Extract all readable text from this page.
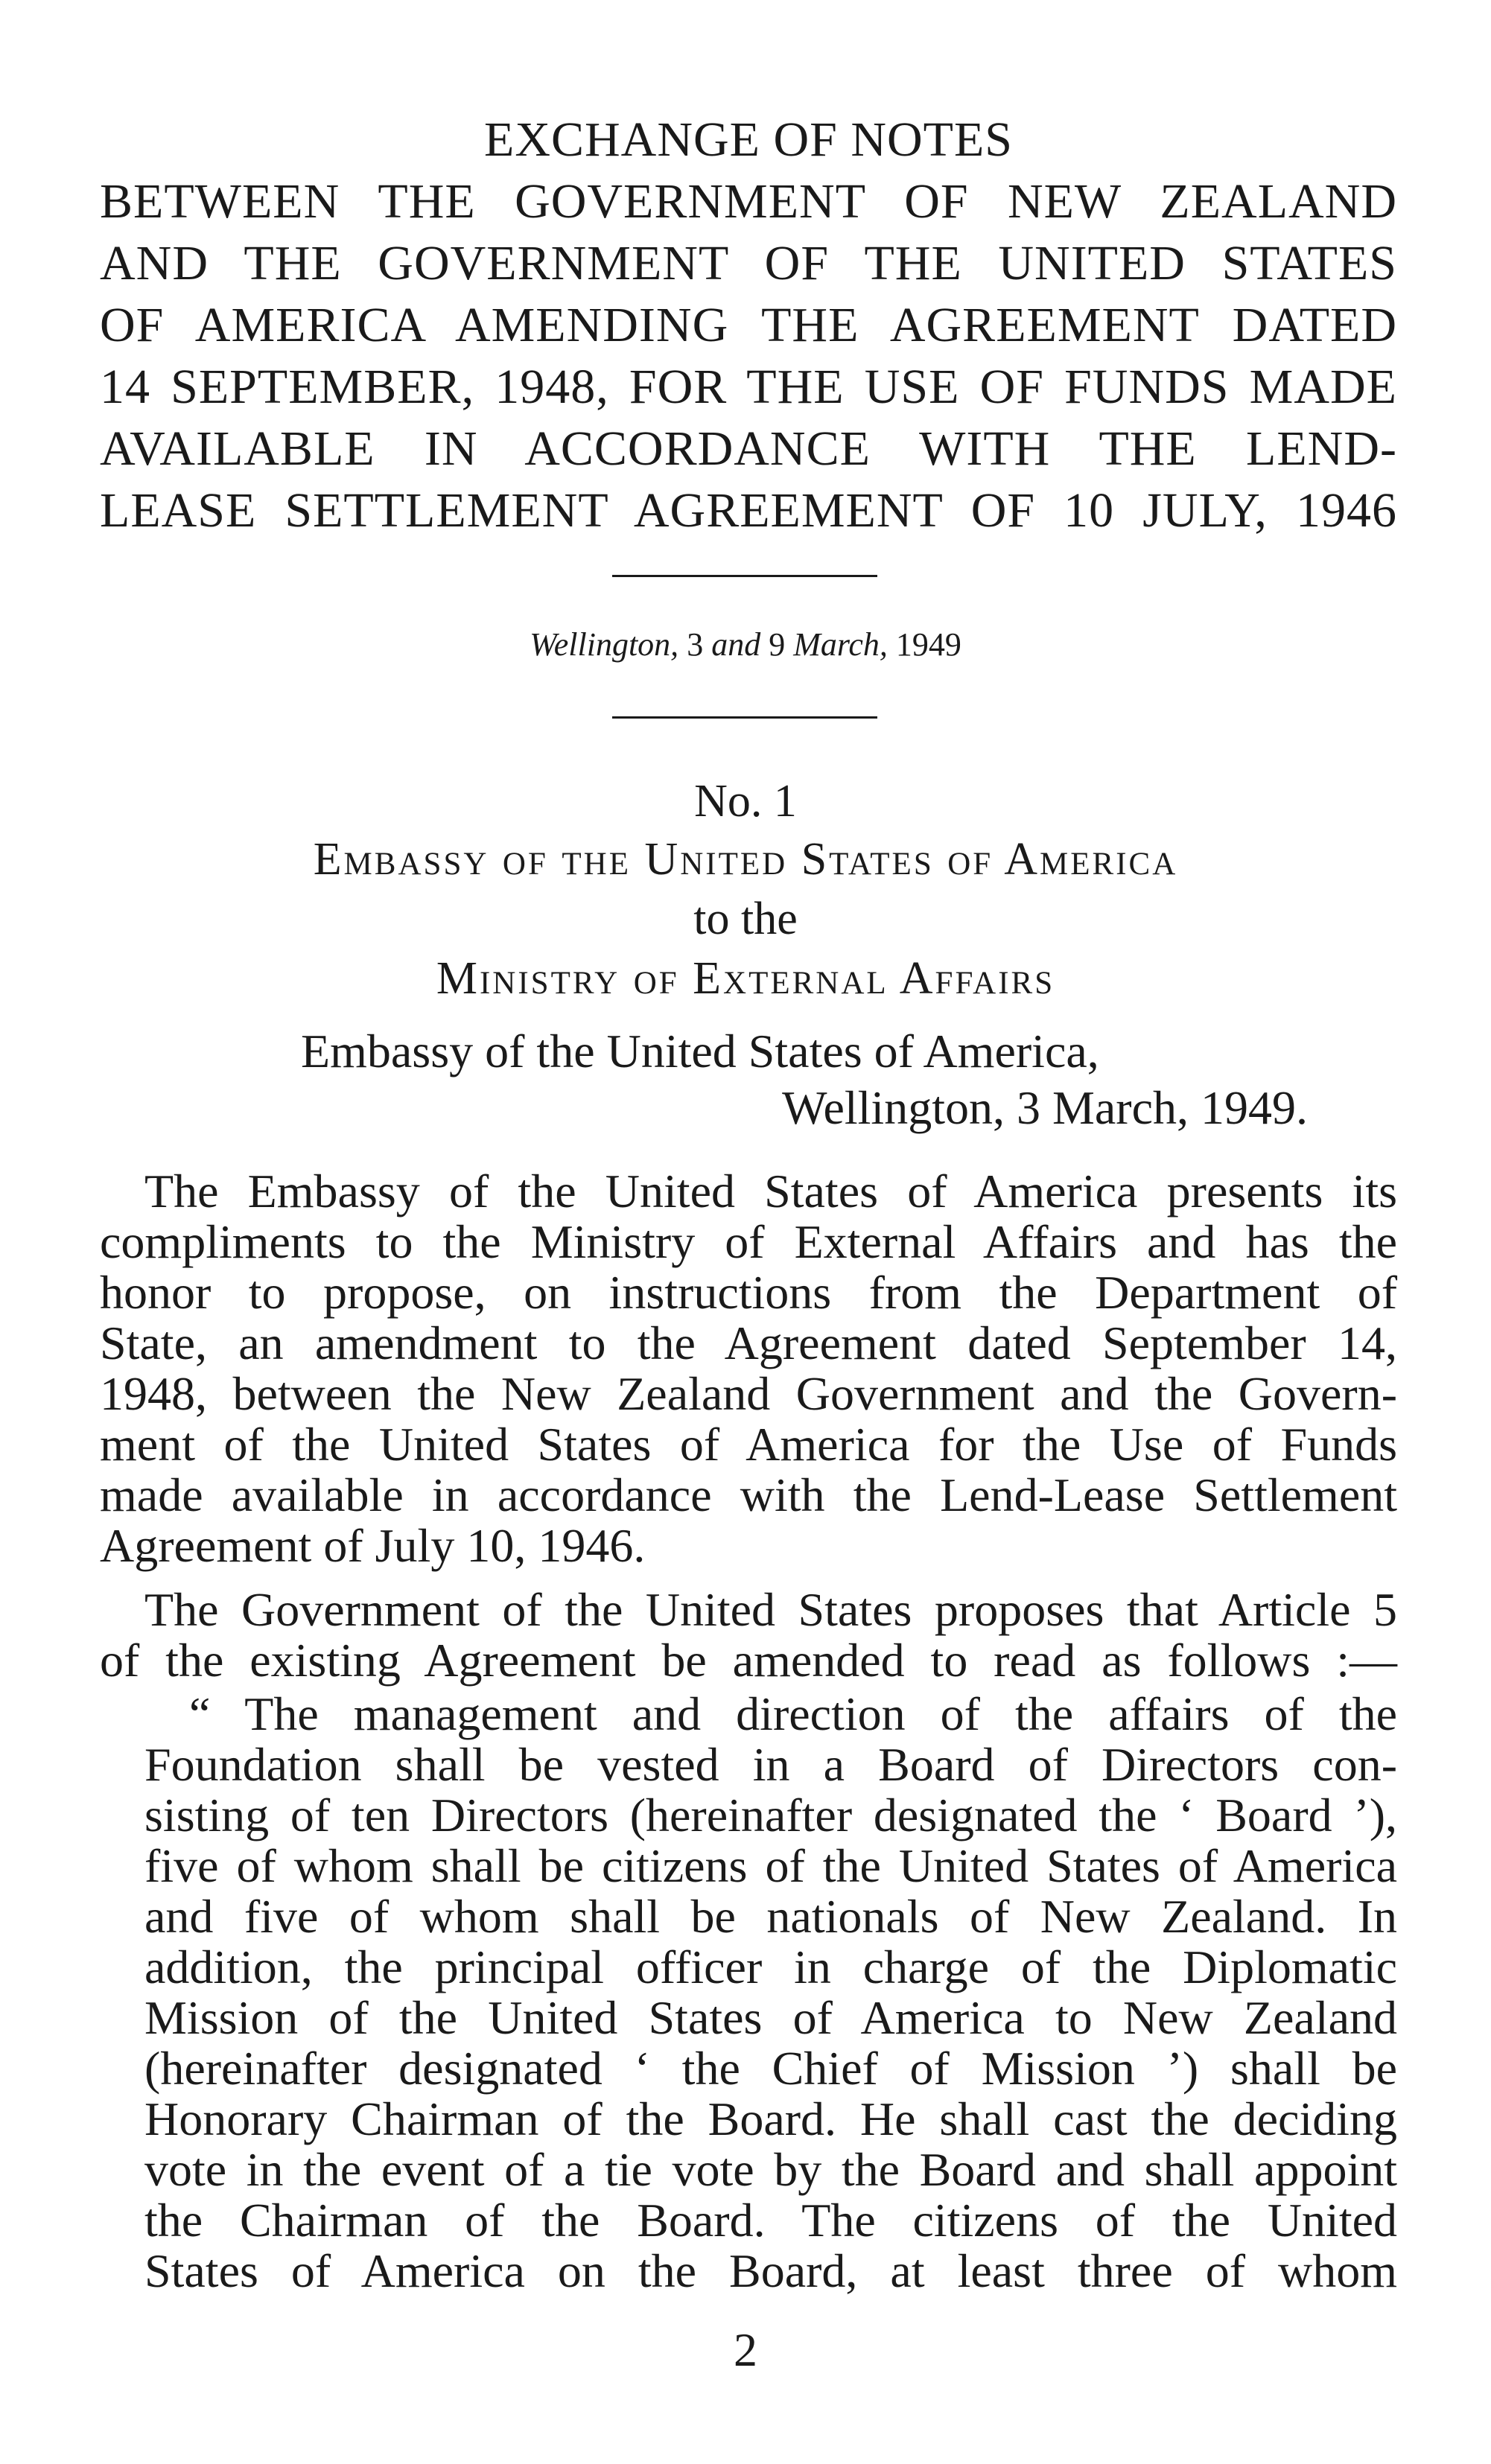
EXCHANGE OF NOTES
BETWEEN THE GOVERNMENT OF NEW ZEALAND
AND THE GOVERNMENT OF THE UNITED STATES
OF AMERICA AMENDING THE AGREEMENT DATED
14 SEPTEMBER, 1948, FOR THE USE OF FUNDS MADE
AVAILABLE IN ACCORDANCE WITH THE LEND-
LEASE SETTLEMENT AGREEMENT OF 10 JULY, 1946
Wellington, 3 and 9 March, 1949
No. 1
Embassy of the United States of America
to the
Ministry of External Affairs
Embassy of the United States of America,
Wellington, 3 March, 1949.
The Embassy of the United States of America presents its
compliments to the Ministry of External Affairs and has the
honor to propose, on instructions from the Department of
State, an amendment to the Agreement dated September 14,
1948, between the New Zealand Government and the Govern-
ment of the United States of America for the Use of Funds
made available in accordance with the Lend-Lease Settlement
Agreement of July 10, 1946.
The Government of the United States proposes that Article 5
of the existing Agreement be amended to read as follows :—
“ The management and direction of the affairs of the
Foundation shall be vested in a Board of Directors con-
sisting of ten Directors (hereinafter designated the ‘ Board ’),
five of whom shall be citizens of the United States of America
and five of whom shall be nationals of New Zealand. In
addition, the principal officer in charge of the Diplomatic
Mission of the United States of America to New Zealand
(hereinafter designated ‘ the Chief of Mission ’) shall be
Honorary Chairman of the Board. He shall cast the deciding
vote in the event of a tie vote by the Board and shall appoint
the Chairman of the Board. The citizens of the United
States of America on the Board, at least three of whom
2
